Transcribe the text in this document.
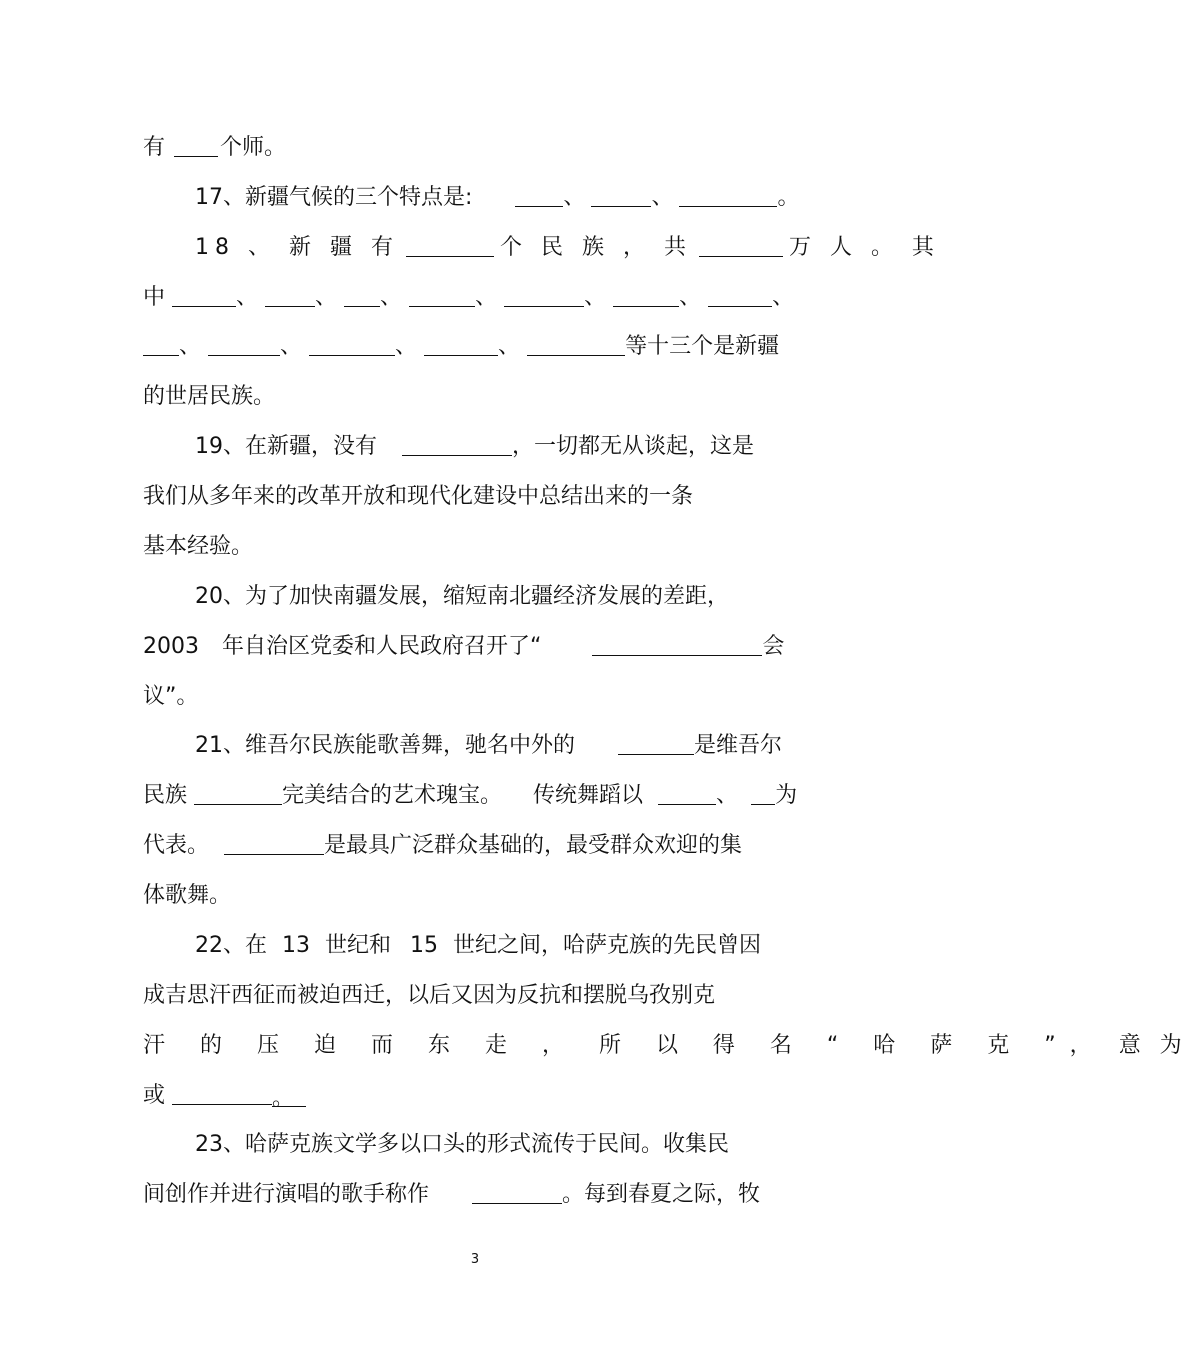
有	个师。
17、新疆气候的三个特点是:	、	、	。
18 、 新 疆 有	个 民 族 ， 共	万 人 。 其
中	、	、 、	、	、	、	、
、	、	、	、	等十三个是新疆
的世居民族。
19、在新疆，没有	，一切都无从谈起，这是
我们从多年来的改革开放和现代化建设中总结出来的一条
基本经验。
20、为了加快南疆发展，缩短南北疆经济发展的差距，
2003 年自治区党委和人民政府召开了“	会
议”。
21、维吾尔民族能歌善舞，驰名中外的	是维吾尔
民族	完美结合的艺术瑰宝。 传统舞蹈以	、 为
代表。	是最具广泛群众基础的，最受群众欢迎的集
体歌舞。
22、在 13 世纪和 15 世纪之间，哈萨克族的先民曾因
成吉思汗西征而被迫西迁，以后又因为反抗和摆脱乌孜别克
汗 的 压 迫 而 东 走 ， 所 以 得 名 “ 哈 萨 克 ”， 意 为
或	。
23、哈萨克族文学多以口头的形式流传于民间。收集民
间创作并进行演唱的歌手称作	。每到春夏之际，牧
3
